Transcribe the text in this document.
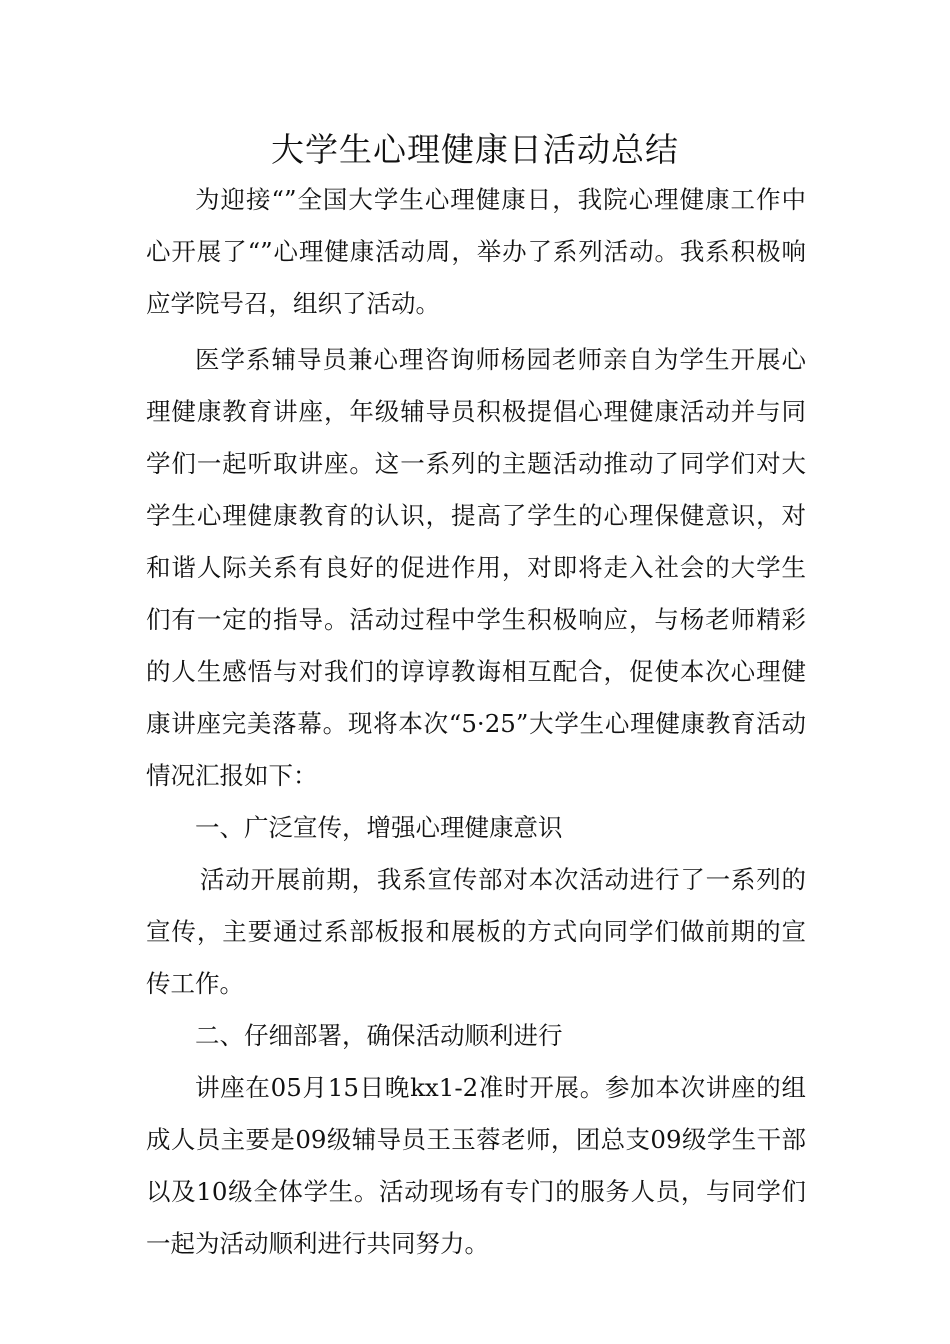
大学生心理健康日活动总结

为迎接“”全国大学生心理健康日，我院心理健康工作中心开展了“”心理健康活动周，举办了系列活动。我系积极响应学院号召，组织了活动。

医学系辅导员兼心理咨询师杨园老师亲自为学生开展心理健康教育讲座，年级辅导员积极提倡心理健康活动并与同学们一起听取讲座。这一系列的主题活动推动了同学们对大学生心理健康教育的认识，提高了学生的心理保健意识，对和谐人际关系有良好的促进作用，对即将走入社会的大学生们有一定的指导。活动过程中学生积极响应，与杨老师精彩的人生感悟与对我们的谆谆教诲相互配合，促使本次心理健康讲座完美落幕。现将本次“5·25”大学生心理健康教育活动情况汇报如下：

一、广泛宣传，增强心理健康意识

活动开展前期，我系宣传部对本次活动进行了一系列的宣传，主要通过系部板报和展板的方式向同学们做前期的宣传工作。

二、仔细部署，确保活动顺利进行

讲座在05月15日晚kx1-2准时开展。参加本次讲座的组成人员主要是09级辅导员王玉蓉老师，团总支09级学生干部以及10级全体学生。活动现场有专门的服务人员，与同学们一起为活动顺利进行共同努力。
